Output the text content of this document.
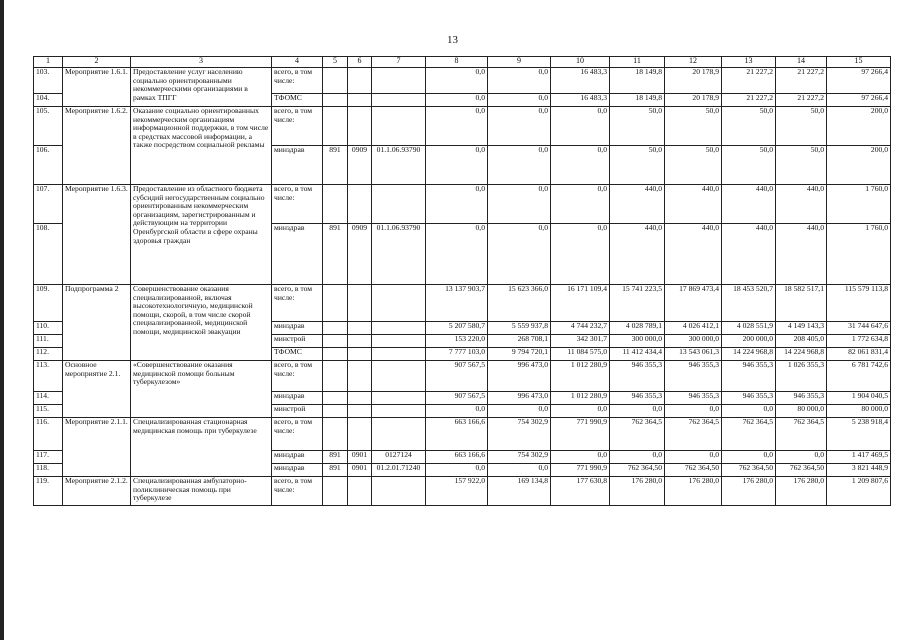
13
1	2	3	4	5	6	7	8	9	10	11	12	13	14	15
103.	Мероприятие 1.6.1.	Предоставление услуг населению социально ориентированными некоммерческими организациями в рамках ТПГГ	всего, в том числе:				0,0	0,0	16 483,3	18 149,8	20 178,9	21 227,2	21 227,2	97 266,4
104.			ТФОМС				0,0	0,0	16 483,3	18 149,8	20 178,9	21 227,2	21 227,2	97 266,4
105.	Мероприятие 1.6.2.	Оказание социально ориентированных некоммерческим организациям информационной поддержки, в том числе в средствах массовой информации, а также посредством социальной рекламы	всего, в том числе:				0,0	0,0	0,0	50,0	50,0	50,0	50,0	200,0
106.			минздрав	891	0909	01.1.06.93790	0,0	0,0	0,0	50,0	50,0	50,0	50,0	200,0
107.	Мероприятие 1.6.3.	Предоставление из областного бюджета субсидий негосударственным социально ориентированным некоммерческим организациям, зарегистрированным и действующим на территории Оренбургской области в сфере охраны здоровья граждан	всего, в том числе:				0,0	0,0	0,0	440,0	440,0	440,0	440,0	1 760,0
108.			минздрав	891	0909	01.1.06.93790	0,0	0,0	0,0	440,0	440,0	440,0	440,0	1 760,0
109.	Подпрограмма 2	Совершенствование оказания специализированной, включая высокотехнологичную, медицинской помощи, скорой, в том числе скорой специализированной, медицинской помощи, медицинской эвакуации	всего, в том числе:				13 137 903,7	15 623 366,0	16 171 109,4	15 741 223,5	17 869 473,4	18 453 520,7	18 582 517,1	115 579 113,8
110.			минздрав				5 207 580,7	5 559 937,8	4 744 232,7	4 028 789,1	4 026 412,1	4 028 551,9	4 149 143,3	31 744 647,6
111.			минстрой				153 220,0	268 708,1	342 301,7	300 000,0	300 000,0	200 000,0	208 405,0	1 772 634,8
112.			ТФОМС				7 777 103,0	9 794 720,1	11 084 575,0	11 412 434,4	13 543 061,3	14 224 968,8	14 224 968,8	82 061 831,4
113.	Основное мероприятие 2.1.	«Совершенствование оказания медицинской помощи больным туберкулезом»	всего, в том числе:				907 567,5	996 473,0	1 012 280,9	946 355,3	946 355,3	946 355,3	1 026 355,3	6 781 742,6
114.			минздрав				907 567,5	996 473,0	1 012 280,9	946 355,3	946 355,3	946 355,3	946 355,3	1 904 040,5
115.			минстрой				0,0	0,0	0,0	0,0	0,0	0,0	80 000,0	80 000,0
116.	Мероприятие 2.1.1.	Специализированная стационарная медицинская помощь при туберкулезе	всего, в том числе:				663 166,6	754 302,9	771 990,9	762 364,5	762 364,5	762 364,5	762 364,5	5 238 918,4
117.			минздрав	891	0901	0127124	663 166,6	754 302,9	0,0	0,0	0,0	0,0	0,0	1 417 469,5
118.			минздрав	891	0901	01.2.01.71240	0,0	0,0	771 990,9	762 364,50	762 364,50	762 364,50	762 364,50	3 821 448,9
119.	Мероприятие 2.1.2.	Специализированная амбулаторно-поликлиническая помощь при туберкулезе	всего, в том числе:				157 922,0	169 134,8	177 630,8	176 280,0	176 280,0	176 280,0	176 280,0	1 209 807,6
